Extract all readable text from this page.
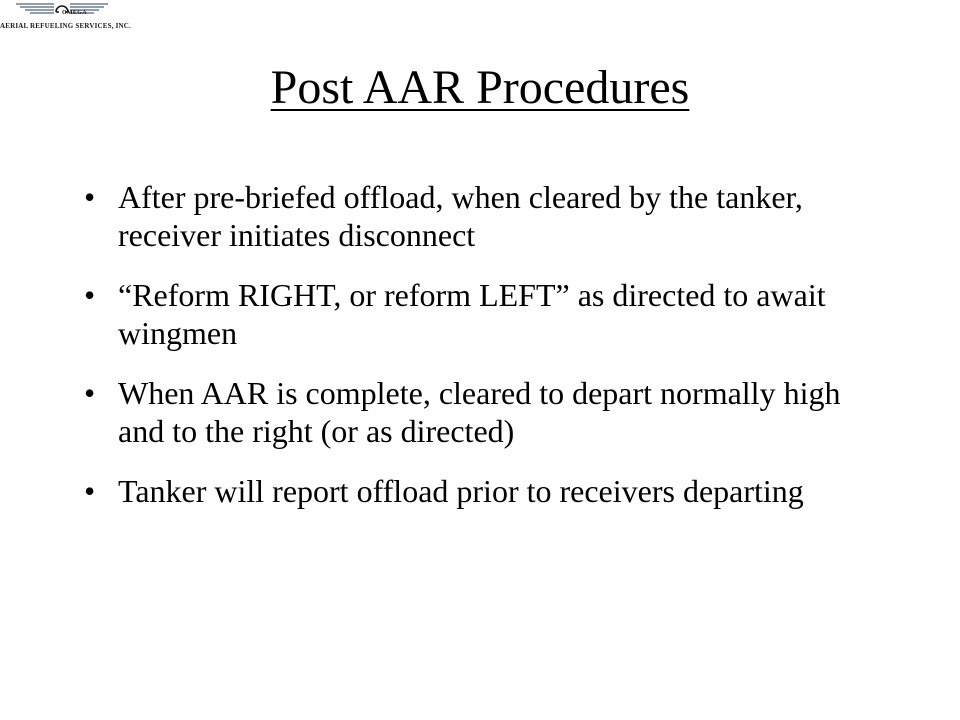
OMEGA
AERIAL REFUELING SERVICES, INC.
Post AAR Procedures
• After pre-briefed offload, when cleared by the tanker, receiver initiates disconnect
• “Reform RIGHT, or reform LEFT” as directed to await wingmen
• When AAR is complete, cleared to depart normally high and to the right (or as directed)
• Tanker will report offload prior to receivers departing
